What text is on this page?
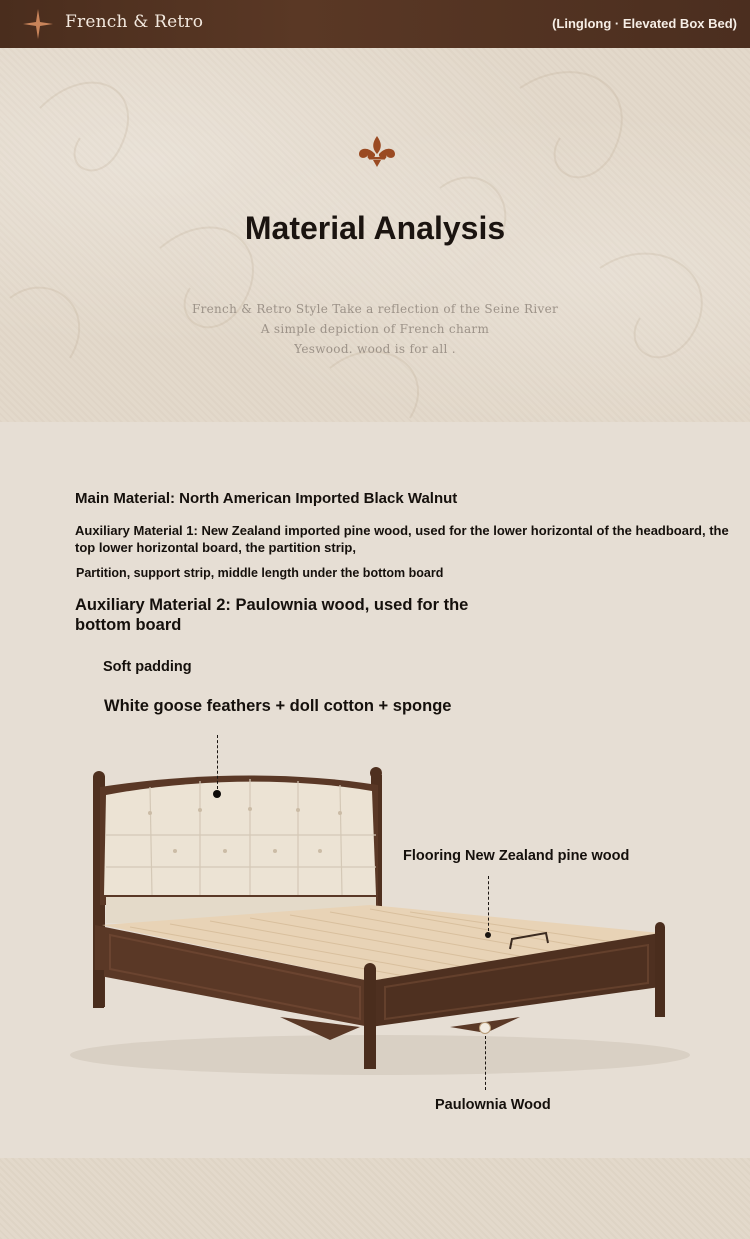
French & Retro	(Linglong · Elevated Box Bed)
Material Analysis
French & Retro Style Take a reflection of the Seine River
A simple depiction of French charm
Yeswood. wood is for all .
Main Material: North American Imported Black Walnut
Auxiliary Material 1: New Zealand imported pine wood, used for the lower horizontal of the headboard, the top lower horizontal board, the partition strip,
Partition, support strip, middle length under the bottom board
Auxiliary Material 2: Paulownia wood, used for the bottom board
Soft padding
White goose feathers + doll cotton + sponge
Flooring New Zealand pine wood
Paulownia Wood
